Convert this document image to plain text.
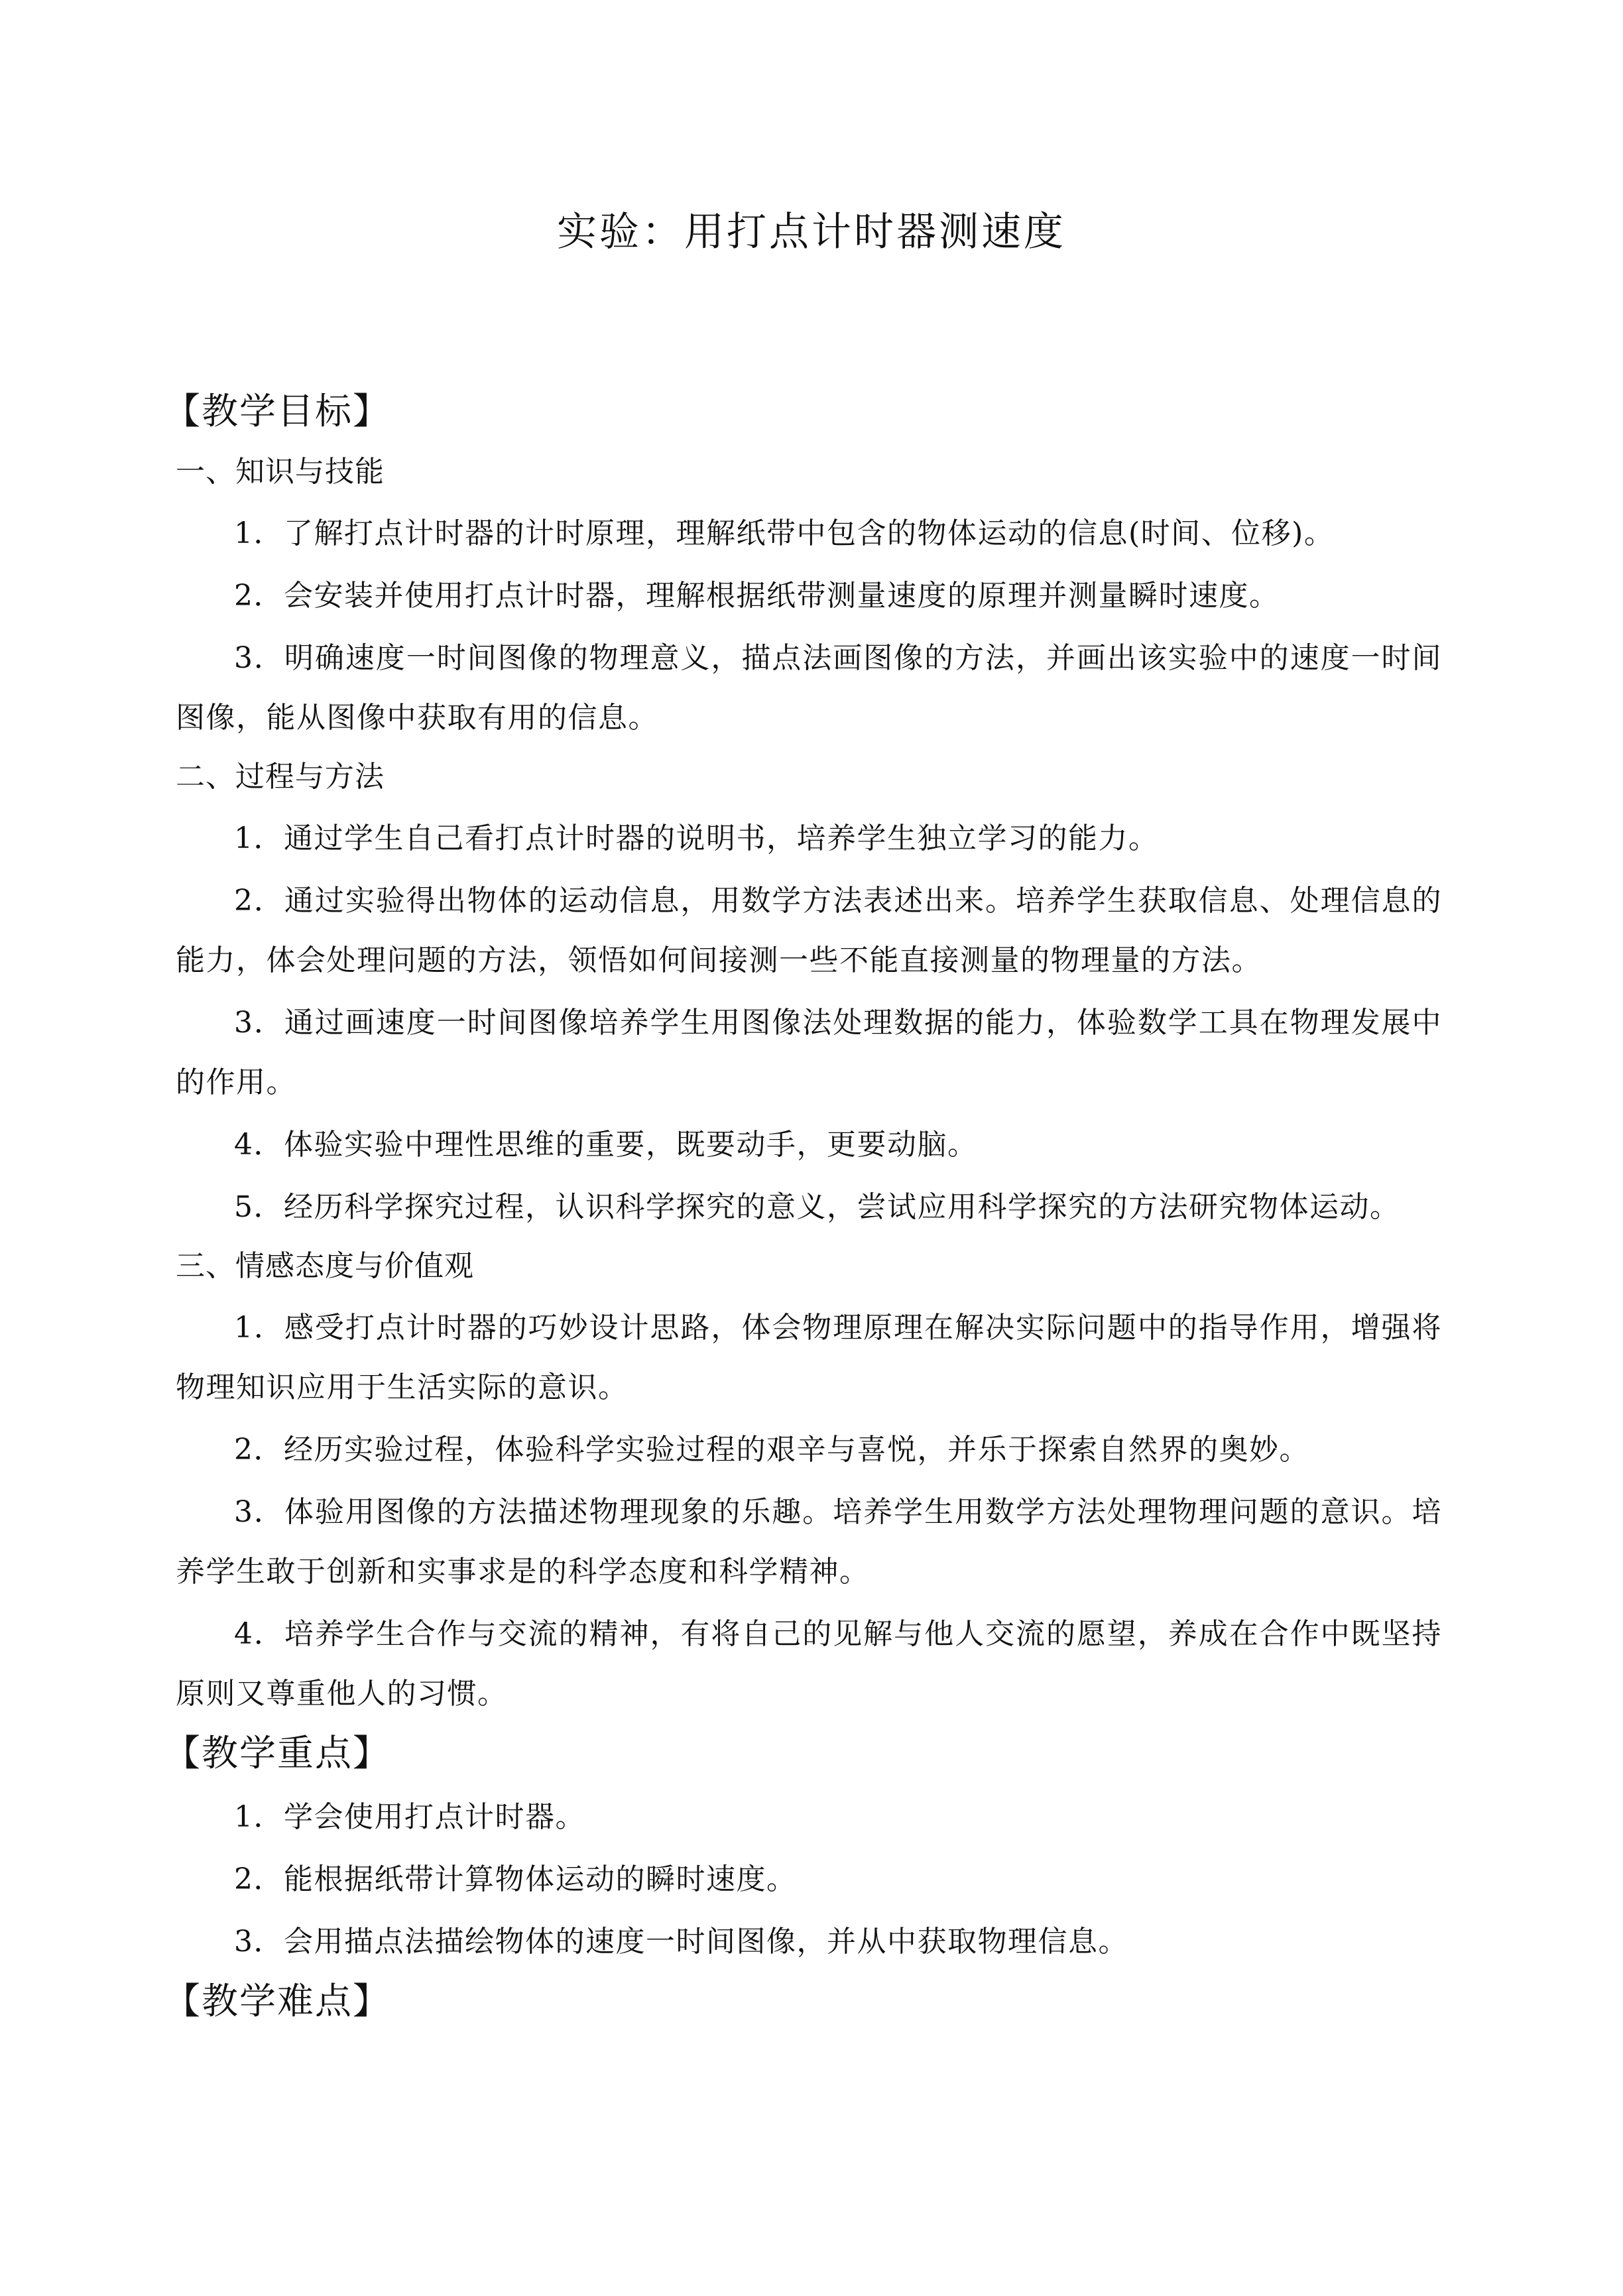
实验：用打点计时器测速度
【教学目标】
一、知识与技能

1．了解打点计时器的计时原理，理解纸带中包含的物体运动的信息(时间、位移)。

2．会安装并使用打点计时器，理解根据纸带测量速度的原理并测量瞬时速度。

3．明确速度一时间图像的物理意义，描点法画图像的方法，并画出该实验中的速度一时间图像，能从图像中获取有用的信息。

二、过程与方法

1．通过学生自己看打点计时器的说明书，培养学生独立学习的能力。

2．通过实验得出物体的运动信息，用数学方法表述出来。培养学生获取信息、处理信息的能力，体会处理问题的方法，领悟如何间接测一些不能直接测量的物理量的方法。

3．通过画速度一时间图像培养学生用图像法处理数据的能力，体验数学工具在物理发展中的作用。

4．体验实验中理性思维的重要，既要动手，更要动脑。

5．经历科学探究过程，认识科学探究的意义，尝试应用科学探究的方法研究物体运动。

三、情感态度与价值观

1．感受打点计时器的巧妙设计思路，体会物理原理在解决实际问题中的指导作用，增强将物理知识应用于生活实际的意识。

2．经历实验过程，体验科学实验过程的艰辛与喜悦，并乐于探索自然界的奥妙。

3．体验用图像的方法描述物理现象的乐趣。培养学生用数学方法处理物理问题的意识。培养学生敢于创新和实事求是的科学态度和科学精神。

4．培养学生合作与交流的精神，有将自己的见解与他人交流的愿望，养成在合作中既坚持原则又尊重他人的习惯。

【教学重点】

1．学会使用打点计时器。

2．能根据纸带计算物体运动的瞬时速度。

3．会用描点法描绘物体的速度一时间图像，并从中获取物理信息。

【教学难点】
